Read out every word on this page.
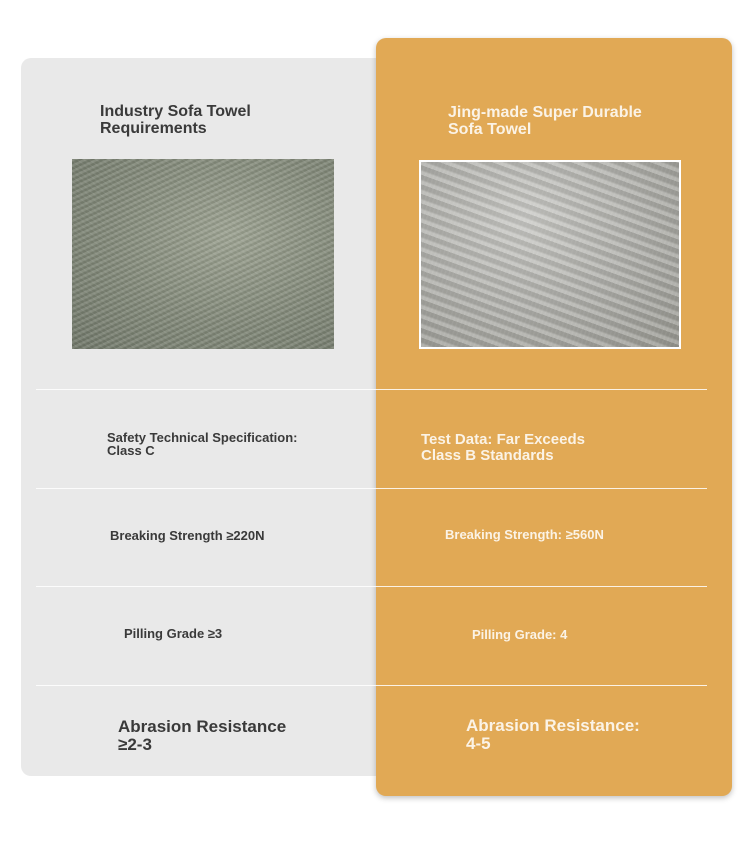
Industry Sofa Towel
Requirements
Jing-made Super Durable
Sofa Towel

Safety Technical Specification:
Class C

Test Data: Far Exceeds
Class B Standards

Breaking Strength ≥220N	Breaking Strength: ≥560N

Pilling Grade ≥3	Pilling Grade: 4

Abrasion Resistance
≥2-3

Abrasion Resistance:
4-5
